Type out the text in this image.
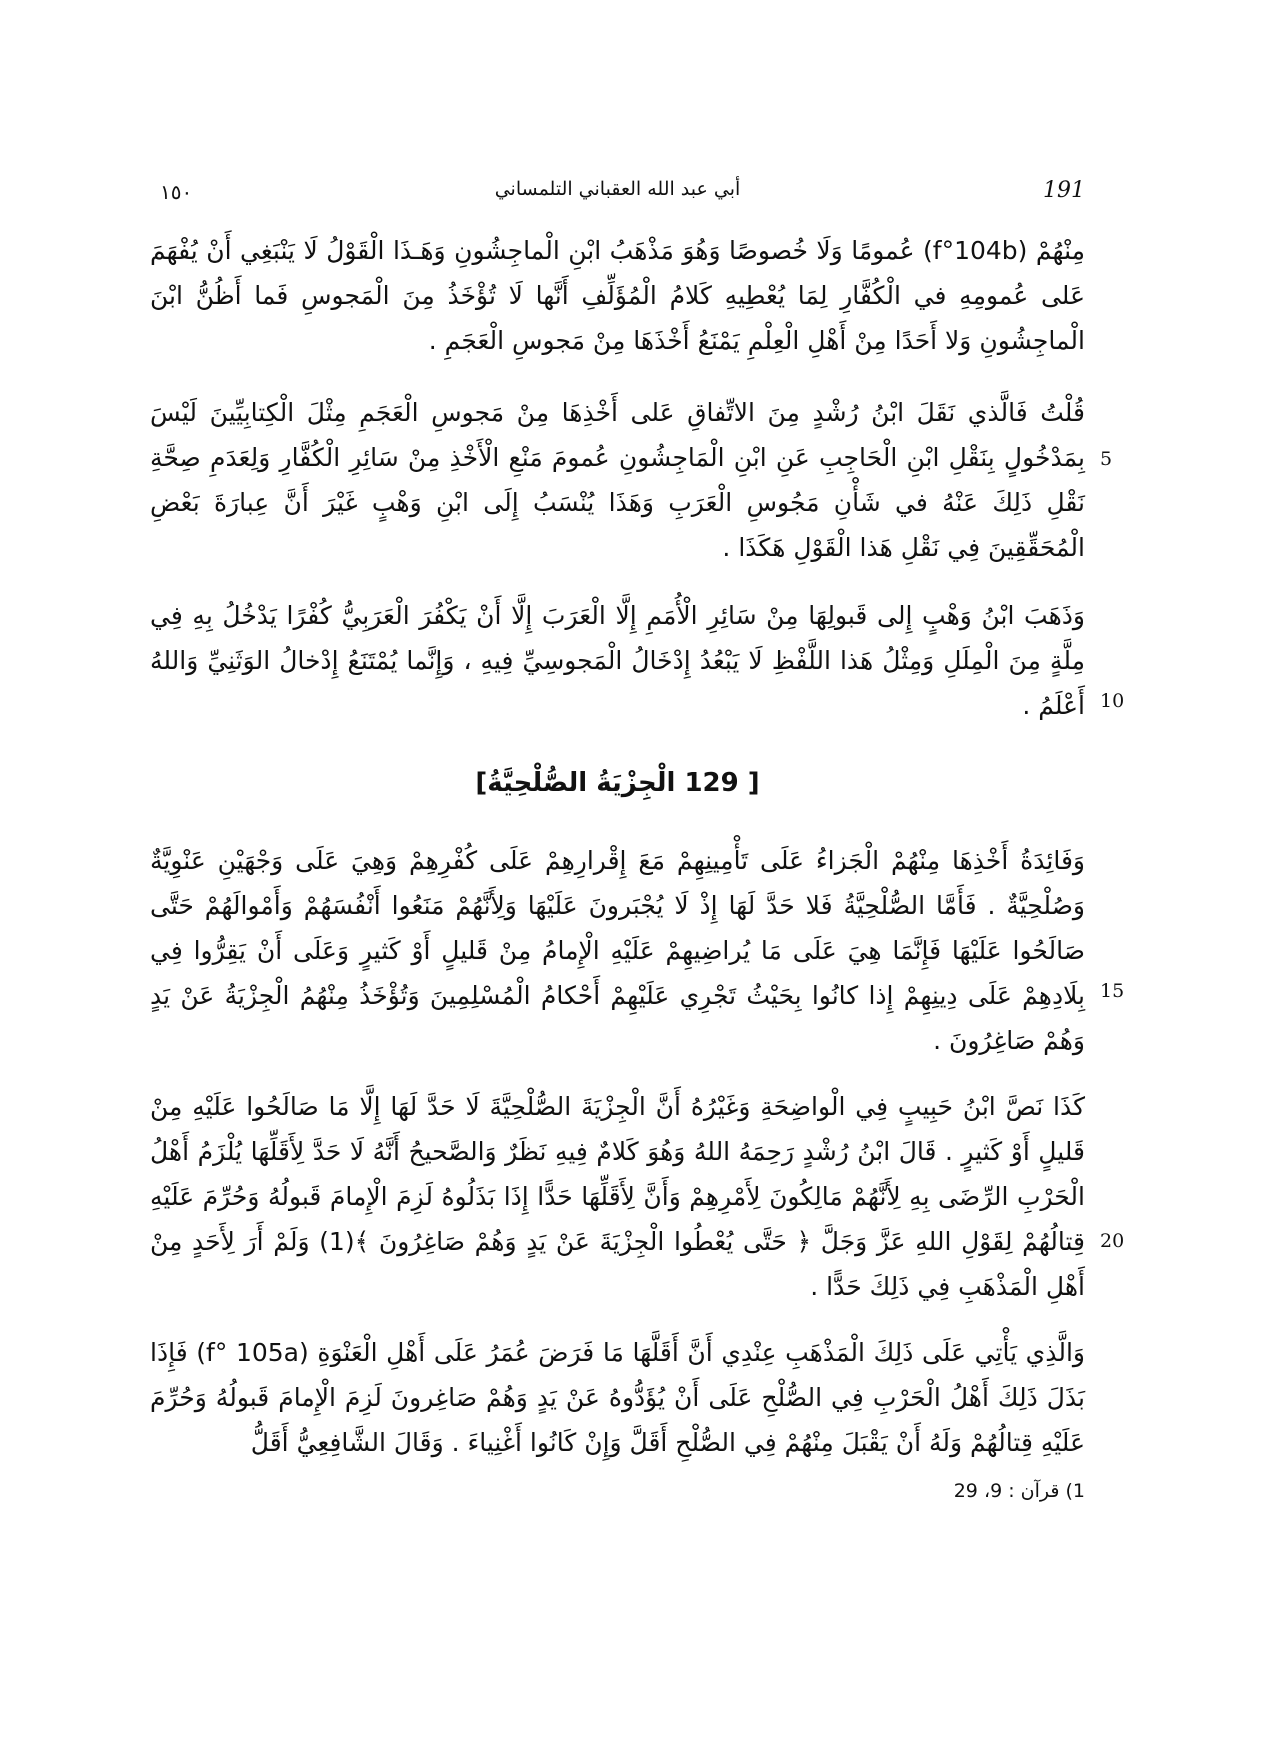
191
أبي عبد الله العقباني التلمساني
١٥٠

مِنْهُمْ (f°104b) عُمومًا وَلَا خُصوصًا وَهُوَ مَذْهَبُ ابْنِ الْماجِشُونِ وَهَـذَا الْقَوْلُ لَا يَنْبَغِي أَنْ يُفْهَمَ عَلى عُمومِهِ في الْكُفَّارِ لِمَا يُعْطِيهِ كَلامُ الْمُؤَلِّفِ أَنَّها لَا تُؤْخَذُ مِنَ الْمَجوسِ فَما أَظُنُّ ابْنَ الْماجِشُونِ وَلا أَحَدًا مِنْ أَهْلِ الْعِلْمِ يَمْنَعُ أَخْذَهَا مِنْ مَجوسِ الْعَجَمِ .

قُلْتُ فَالَّذي نَقَلَ ابْنُ رُشْدٍ مِنَ الاتِّفاقِ عَلى أَخْذِهَا مِنْ مَجوسِ الْعَجَمِ مِثْلَ الْكِتابِيِّينَ لَيْسَ بِمَدْخُولٍ بِنَقْلِ ابْنِ الْحَاجِبِ عَنِ ابْنِ الْمَاجِشُونِ عُمومَ مَنْعِ الْأَخْذِ مِنْ سَائِرِ الْكُفَّارِ وَلِعَدَمِ صِحَّةِ نَقْلِ ذَلِكَ عَنْهُ في شَأْنِ مَجُوسِ الْعَرَبِ وَهَذَا يُنْسَبُ إِلَى ابْنِ وَهْبٍ غَيْرَ أَنَّ عِبارَةَ بَعْضِ الْمُحَقِّقِينَ فِي نَقْلِ هَذا الْقَوْلِ هَكَذَا .

وَذَهَبَ ابْنُ وَهْبٍ إِلى قَبولِهَا مِنْ سَائِرِ الْأُمَمِ إِلَّا الْعَرَبَ إِلَّا أَنْ يَكْفُرَ الْعَرَبِيُّ كُفْرًا يَدْخُلُ بِهِ فِي مِلَّةٍ مِنَ الْمِلَلِ وَمِثْلُ هَذا اللَّفْظِ لَا يَبْعُدُ إِدْخَالُ الْمَجوسِيِّ فِيهِ ، وَإِنَّما يُمْتَنَعُ إِدْخالُ الوَثَنِيِّ وَاللهُ أَعْلَمُ .

[ 129 الْجِزْيَةُ الصُّلْحِيَّةُ]

وَفَائِدَةُ أَخْذِهَا مِنْهُمْ الْجَزاءُ عَلَى تَأْمِينِهِمْ مَعَ إِقْرارِهِمْ عَلَى كُفْرِهِمْ وَهِيَ عَلَى وَجْهَيْنِ عَنْوِيَّةٌ وَصُلْحِيَّةٌ . فَأَمَّا الصُّلْحِيَّةُ فَلا حَدَّ لَهَا إِذْ لَا يُجْبَرونَ عَلَيْهَا وَلِأَنَّهُمْ مَنَعُوا أَنْفُسَهُمْ وَأَمْوالَهُمْ حَتَّى صَالَحُوا عَلَيْهَا فَإِنَّمَا هِيَ عَلَى مَا يُراضِيهِمْ عَلَيْهِ الْإِمامُ مِنْ قَليلٍ أَوْ كَثيرٍ وَعَلَى أَنْ يَقِرُّوا فِي بِلَادِهِمْ عَلَى دِينِهِمْ إِذا كانُوا بِحَيْثُ تَجْرِي عَلَيْهِمْ أَحْكامُ الْمُسْلِمِينَ وَتُؤْخَذُ مِنْهُمُ الْجِزْيَةُ عَنْ يَدٍ وَهُمْ صَاغِرُونَ .

كَذَا نَصَّ ابْنُ حَبِيبٍ فِي الْواضِحَةِ وَغَيْرُهُ أَنَّ الْجِزْيَةَ الصُّلْحِيَّةَ لَا حَدَّ لَهَا إِلَّا مَا صَالَحُوا عَلَيْهِ مِنْ قَليلٍ أَوْ كَثيرٍ . قَالَ ابْنُ رُشْدٍ رَحِمَهُ اللهُ وَهُوَ كَلامٌ فِيهِ نَظَرٌ وَالصَّحيحُ أَنَّهُ لَا حَدَّ لِأَقَلِّهَا يُلْزَمُ أَهْلُ الْحَرْبِ الرِّضَى بِهِ لِأَنَّهُمْ مَالِكُونَ لِأَمْرِهِمْ وَأَنَّ لِأَقَلِّهَا حَدًّا إِذَا بَذَلُوهُ لَزِمَ الْإِمامَ قَبولُهُ وَحُرِّمَ عَلَيْهِ قِتالُهُمْ لِقَوْلِ اللهِ عَزَّ وَجَلَّ ﴿ حَتَّى يُعْطُوا الْجِزْيَةَ عَنْ يَدٍ وَهُمْ صَاغِرُونَ ﴾(1) وَلَمْ أَرَ لِأَحَدٍ مِنْ أَهْلِ الْمَذْهَبِ فِي ذَلِكَ حَدًّا .

وَالَّذِي يَأْتِي عَلَى ذَلِكَ الْمَذْهَبِ عِنْدِي أَنَّ أَقَلَّهَا مَا فَرَضَ عُمَرُ عَلَى أَهْلِ الْعَنْوَةِ (f° 105a) فَإِذَا بَذَلَ ذَلِكَ أَهْلُ الْحَرْبِ فِي الصُّلْحِ عَلَى أَنْ يُؤَدُّوهُ عَنْ يَدٍ وَهُمْ صَاغِرونَ لَزِمَ الْإِمامَ قَبولُهُ وَحُرِّمَ عَلَيْهِ قِتالُهُمْ وَلَهُ أَنْ يَقْبَلَ مِنْهُمْ فِي الصُّلْحِ أَقَلَّ وَإِنْ كَانُوا أَغْنِياءَ . وَقَالَ الشَّافِعِيُّ أَقَلُّ

5
10
15
20
1) قرآن : 9، 29
